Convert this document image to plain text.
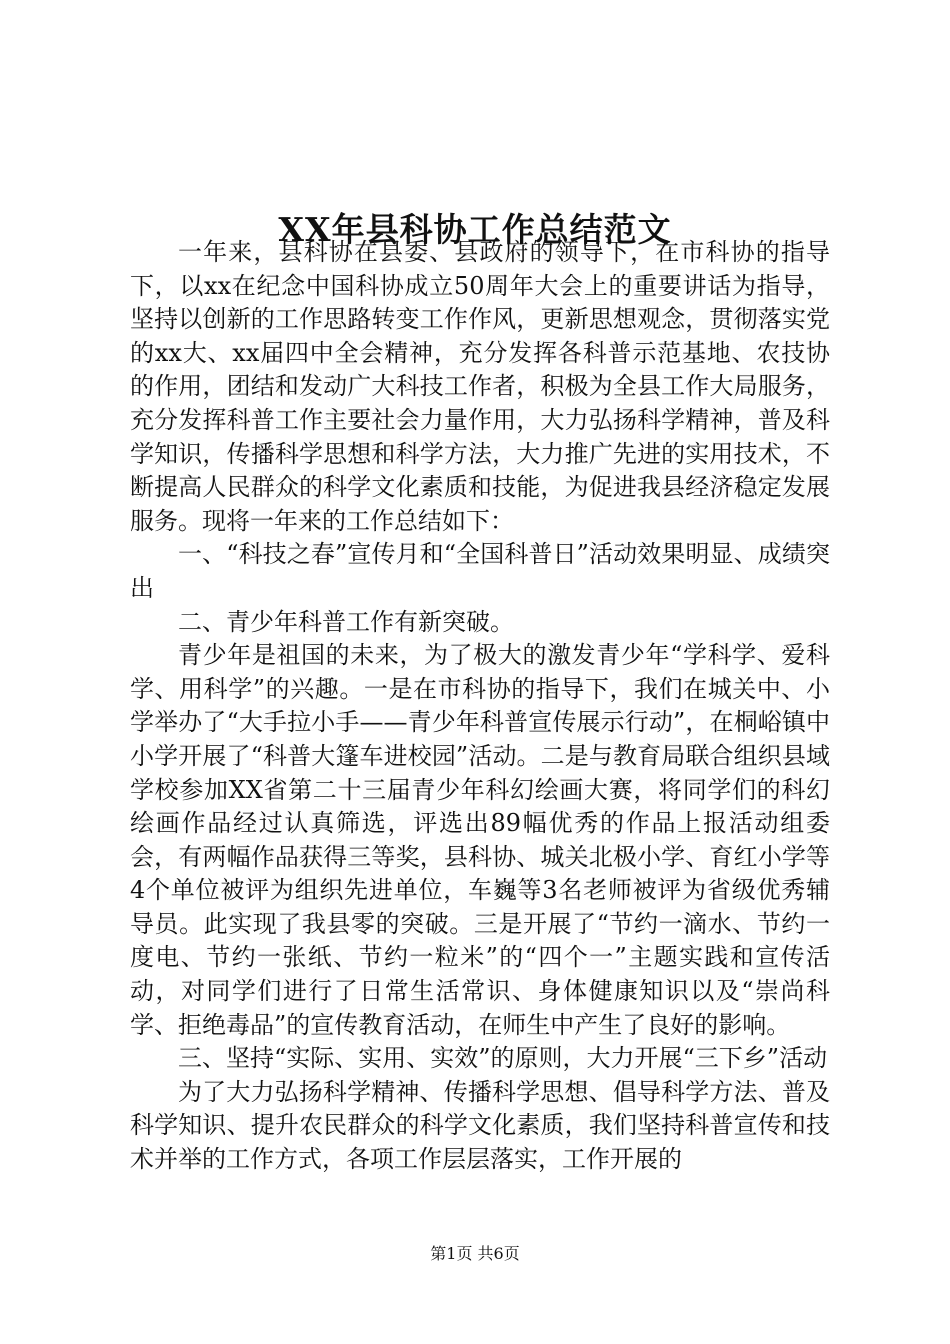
XX年县科协工作总结范文

一年来，县科协在县委、县政府的领导下，在市科协的指导下，以xx在纪念中国科协成立50周年大会上的重要讲话为指导，坚持以创新的工作思路转变工作作风，更新思想观念，贯彻落实党的xx大、xx届四中全会精神，充分发挥各科普示范基地、农技协的作用，团结和发动广大科技工作者，积极为全县工作大局服务，充分发挥科普工作主要社会力量作用，大力弘扬科学精神，普及科学知识，传播科学思想和科学方法，大力推广先进的实用技术，不断提高人民群众的科学文化素质和技能，为促进我县经济稳定发展服务。现将一年来的工作总结如下：

一、“科技之春”宣传月和“全国科普日”活动效果明显、成绩突出

二、青少年科普工作有新突破。

青少年是祖国的未来，为了极大的激发青少年“学科学、爱科学、用科学”的兴趣。一是在市科协的指导下，我们在城关中、小学举办了“大手拉小手——青少年科普宣传展示行动”，在桐峪镇中小学开展了“科普大篷车进校园”活动。二是与教育局联合组织县域学校参加XX省第二十三届青少年科幻绘画大赛，将同学们的科幻绘画作品经过认真筛选，评选出89幅优秀的作品上报活动组委会，有两幅作品获得三等奖，县科协、城关北极小学、育红小学等4个单位被评为组织先进单位，车巍等3名老师被评为省级优秀辅导员。此实现了我县零的突破。三是开展了“节约一滴水、节约一度电、节约一张纸、节约一粒米”的“四个一”主题实践和宣传活动，对同学们进行了日常生活常识、身体健康知识以及“崇尚科学、拒绝毒品”的宣传教育活动，在师生中产生了良好的影响。

三、坚持“实际、实用、实效”的原则，大力开展“三下乡”活动

为了大力弘扬科学精神、传播科学思想、倡导科学方法、普及科学知识、提升农民群众的科学文化素质，我们坚持科普宣传和技术并举的工作方式，各项工作层层落实，工作开展的

第1页 共6页
